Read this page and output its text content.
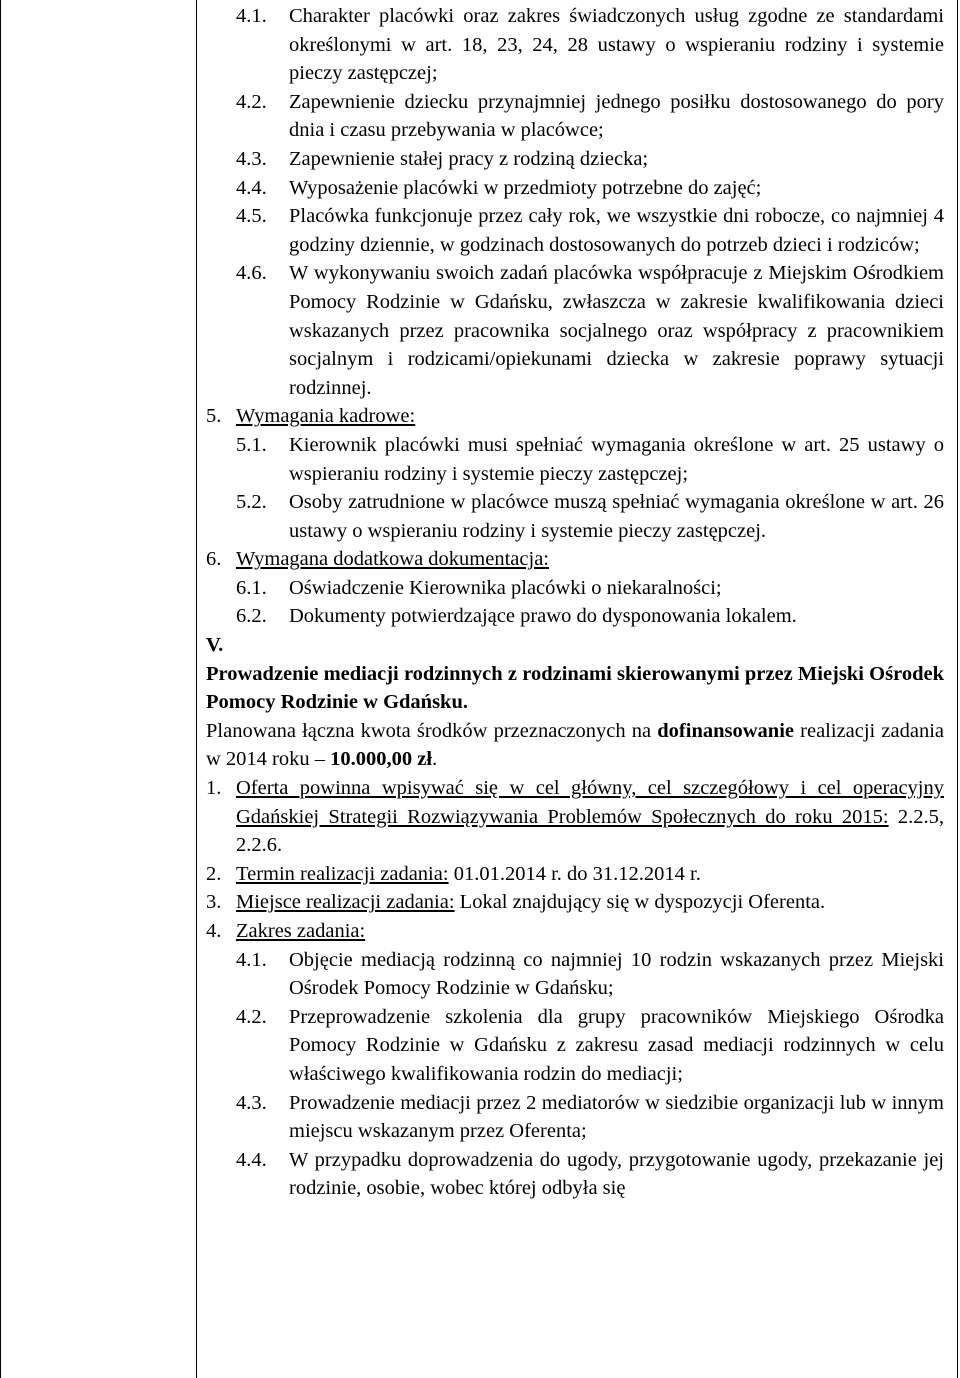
4.1.	Charakter placówki oraz zakres świadczonych usług zgodne ze standardami określonymi w art. 18, 23, 24, 28 ustawy o wspieraniu rodziny i systemie pieczy zastępczej;
4.2.	Zapewnienie dziecku przynajmniej jednego posiłku dostosowanego do pory dnia i czasu przebywania w placówce;
4.3.	Zapewnienie stałej pracy z rodziną dziecka;
4.4.	Wyposażenie placówki w przedmioty potrzebne do zajęć;
4.5.	Placówka funkcjonuje przez cały rok, we wszystkie dni robocze, co najmniej 4 godziny dziennie, w godzinach dostosowanych do potrzeb dzieci i rodziców;
4.6.	W wykonywaniu swoich zadań placówka współpracuje z Miejskim Ośrodkiem Pomocy Rodzinie w Gdańsku, zwłaszcza w zakresie kwalifikowania dzieci wskazanych przez pracownika socjalnego oraz współpracy z pracownikiem socjalnym i rodzicami/opiekunami dziecka w zakresie poprawy sytuacji rodzinnej.
5. Wymagania kadrowe:
5.1.	Kierownik placówki musi spełniać wymagania określone w art. 25 ustawy o wspieraniu rodziny i systemie pieczy zastępczej;
5.2.	Osoby zatrudnione w placówce muszą spełniać wymagania określone w art. 26 ustawy o wspieraniu rodziny i systemie pieczy zastępczej.
6. Wymagana dodatkowa dokumentacja:
6.1.	Oświadczenie Kierownika placówki o niekaralności;
6.2.	Dokumenty potwierdzające prawo do dysponowania lokalem.
V.
Prowadzenie mediacji rodzinnych z rodzinami skierowanymi przez Miejski Ośrodek Pomocy Rodzinie w Gdańsku.
Planowana łączna kwota środków przeznaczonych na dofinansowanie realizacji zadania w 2014 roku – 10.000,00 zł.
1. Oferta powinna wpisywać się w cel główny, cel szczegółowy i cel operacyjny Gdańskiej Strategii Rozwiązywania Problemów Społecznych do roku 2015: 2.2.5, 2.2.6.
2. Termin realizacji zadania: 01.01.2014 r. do 31.12.2014 r.
3. Miejsce realizacji zadania: Lokal znajdujący się w dyspozycji Oferenta.
4. Zakres zadania:
4.1.	Objęcie mediacją rodzinną co najmniej 10 rodzin wskazanych przez Miejski Ośrodek Pomocy Rodzinie w Gdańsku;
4.2.	Przeprowadzenie szkolenia dla grupy pracowników Miejskiego Ośrodka Pomocy Rodzinie w Gdańsku z zakresu zasad mediacji rodzinnych w celu właściwego kwalifikowania rodzin do mediacji;
4.3.	Prowadzenie mediacji przez 2 mediatorów w siedzibie organizacji lub w innym miejscu wskazanym przez Oferenta;
4.4.	W przypadku doprowadzenia do ugody, przygotowanie ugody, przekazanie jej rodzinie, osobie, wobec której odbyła się
